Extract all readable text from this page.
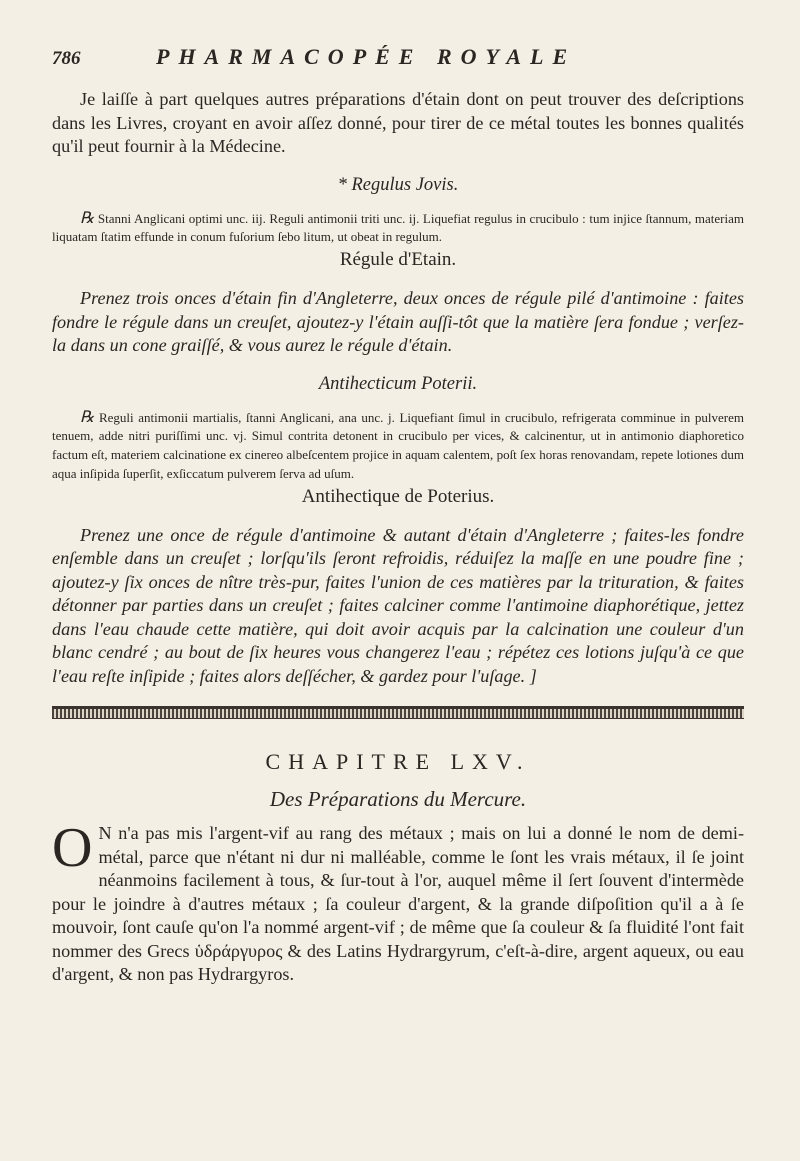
786	PHARMACOPÉE ROYALE

Je laiſſe à part quelques autres préparations d'étain dont on peut trouver des deſcriptions dans les Livres, croyant en avoir aſſez donné, pour tirer de ce métal toutes les bonnes qualités qu'il peut fournir à la Médecine.

* Regulus Jovis.

℞ Stanni Anglicani optimi unc. iij. Reguli antimonii triti unc. ij. Liquefiat regulus in crucibulo : tum injice ſtannum, materiam liquatam ſtatim effunde in conum fuſorium ſebo litum, ut obeat in regulum.

Régule d'Etain.

Prenez trois onces d'étain fin d'Angleterre, deux onces de régule pilé d'antimoine : faites fondre le régule dans un creuſet, ajoutez-y l'étain auſſi-tôt que la matière ſera fondue ; verſez-la dans un cone graiſſé, & vous aurez le régule d'étain.

Antihecticum Poterii.

℞ Reguli antimonii martialis, ſtanni Anglicani, ana unc. j. Liquefiant ſimul in crucibulo, refrigerata comminue in pulverem tenuem, adde nitri puriſſimi unc. vj. Simul contrita detonent in crucibulo per vices, & calcinentur, ut in antimonio diaphoretico factum eſt, materiem calcinatione ex cinereo albeſcentem projice in aquam calentem, poſt ſex horas renovandam, repete lotiones dum aqua inſipida ſuperſit, exſiccatum pulverem ſerva ad uſum.

Antihectique de Poterius.

Prenez une once de régule d'antimoine & autant d'étain d'Angleterre ; faites-les fondre enſemble dans un creuſet ; lorſqu'ils ſeront refroidis, réduiſez la maſſe en une poudre fine ; ajoutez-y ſix onces de nître très-pur, faites l'union de ces matières par la trituration, & faites détonner par parties dans un creuſet ; faites calciner comme l'antimoine diaphorétique, jettez dans l'eau chaude cette matière, qui doit avoir acquis par la calcination une couleur d'un blanc cendré ; au bout de ſix heures vous changerez l'eau ; répétez ces lotions juſqu'à ce que l'eau reſte inſipide ; faites alors deſſécher, & gardez pour l'uſage. ]

CHAPITRE LXV.

Des Préparations du Mercure.

O N n'a pas mis l'argent-vif au rang des métaux ; mais on lui a donné le nom de demi-métal, parce que n'étant ni dur ni malléable, comme le ſont les vrais métaux, il ſe joint néanmoins facilement à tous, & ſur-tout à l'or, auquel même il ſert ſouvent d'intermède pour le joindre à d'autres métaux ; ſa couleur d'argent, & la grande diſpoſition qu'il a à ſe mouvoir, ſont cauſe qu'on l'a nommé argent-vif ; de même que ſa couleur & ſa fluidité l'ont fait nommer des Grecs ὑδράργυρος & des Latins Hydrargyrum, c'eſt-à-dire, argent aqueux, ou eau d'argent, & non pas Hydrargyros.
